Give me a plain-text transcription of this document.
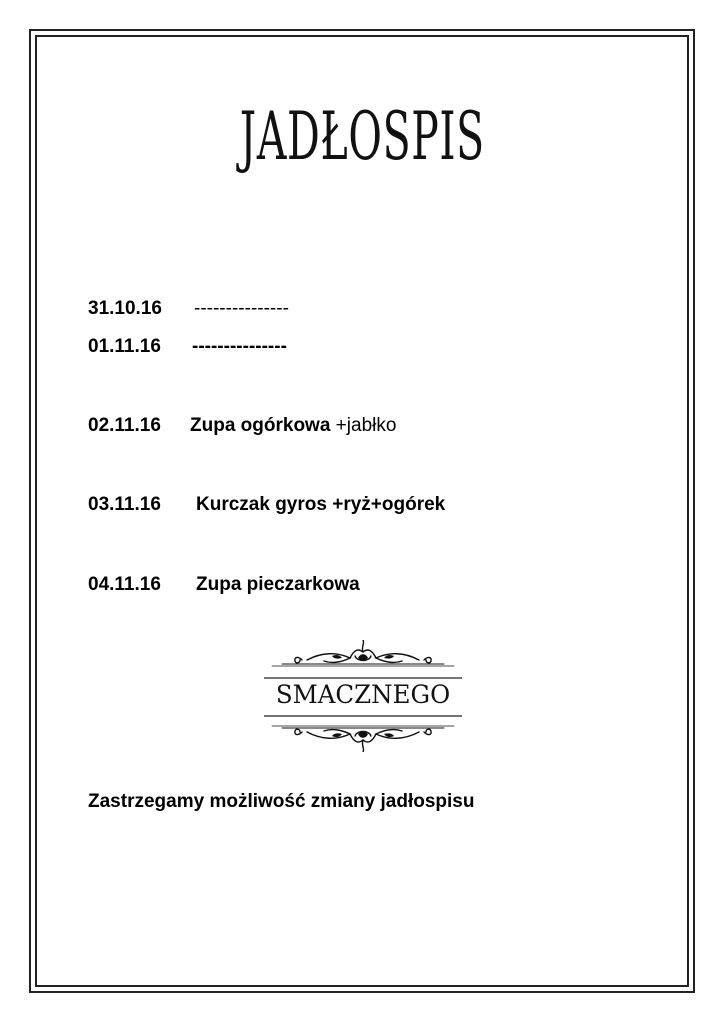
JADŁOSPIS
31.10.16 ---------------
01.11.16 ---------------
02.11.16 Zupa ogórkowa +jabłko
03.11.16 Kurczak gyros +ryż+ogórek
04.11.16 Zupa pieczarkowa
SMACZNEGO
Zastrzegamy możliwość zmiany jadłospisu
